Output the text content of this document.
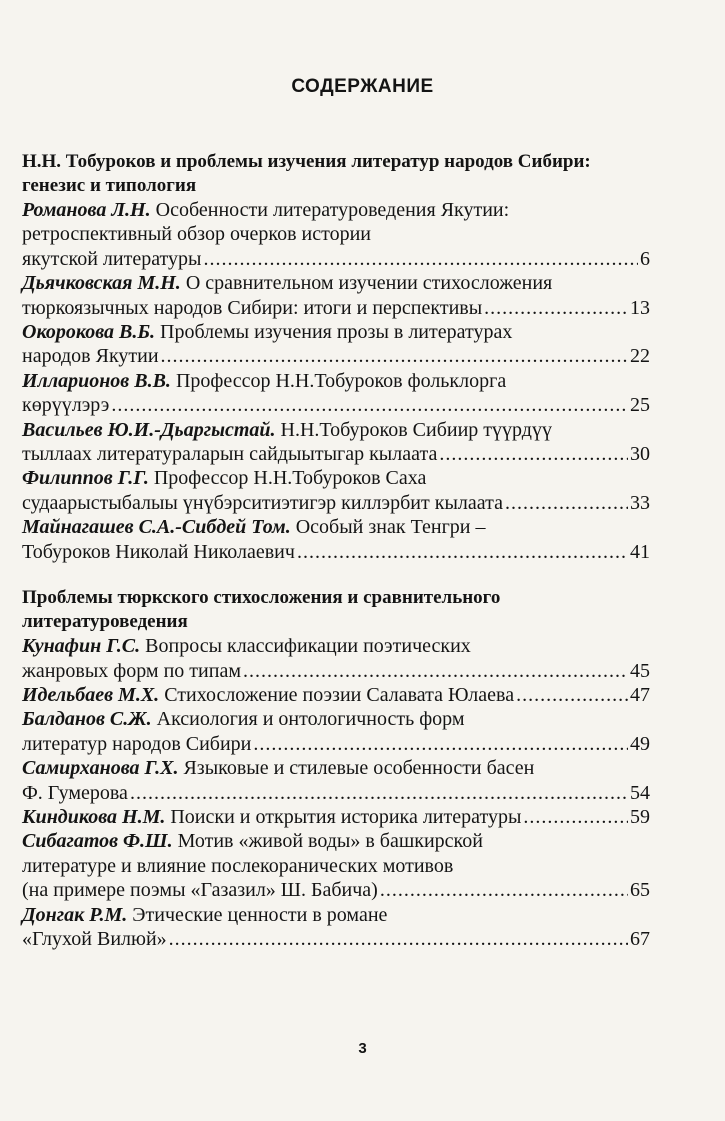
СОДЕРЖАНИЕ
Н.Н. Тобуроков и проблемы изучения литератур народов Сибири:
генезис и типология
Романова Л.Н. Особенности литературоведения Якутии:
ретроспективный обзор очерков истории
якутской литературы .....	6
Дьячковская М.Н. О сравнительном изучении стихосложения
тюркоязычных народов Сибири: итоги и перспективы .....	13
Окорокова В.Б. Проблемы изучения прозы в литературах
народов Якутии .....	22
Илларионов В.В. Профессор Н.Н.Тобуроков фольклорга
көрүүлэрэ .....	25
Васильев Ю.И.-Дьаргыстай. Н.Н.Тобуроков Сибиир түүрдүү
тыллаах литератураларын сайдыытыгар кылаата .....	30
Филиппов Г.Г. Профессор Н.Н.Тобуроков Саха
судаарыстыбалыы үнүбэрситиэтигэр киллэрбит кылаата .....	33
Майнагашев С.А.-Сибдей Том. Особый знак Тенгри –
Тобуроков Николай Николаевич .....	41
Проблемы тюркского стихосложения и сравнительного
литературоведения
Кунафин Г.С. Вопросы классификации поэтических
жанровых форм по типам .....	45
Идельбаев М.Х. Стихосложение поэзии Салавата Юлаева .....	47
Балданов С.Ж. Аксиология и онтологичность форм
литератур народов Сибири .....	49
Самирханова Г.Х. Языковые и стилевые особенности басен
Ф. Гумерова .....	54
Киндикова Н.М. Поиски и открытия историка литературы .....	59
Сибагатов Ф.Ш. Мотив «живой воды» в башкирской
литературе и влияние послекоранических мотивов
(на примере поэмы «Газазил» Ш. Бабича) .....	65
Донгак Р.М. Этические ценности в романе
«Глухой Вилюй» .....	67
3
